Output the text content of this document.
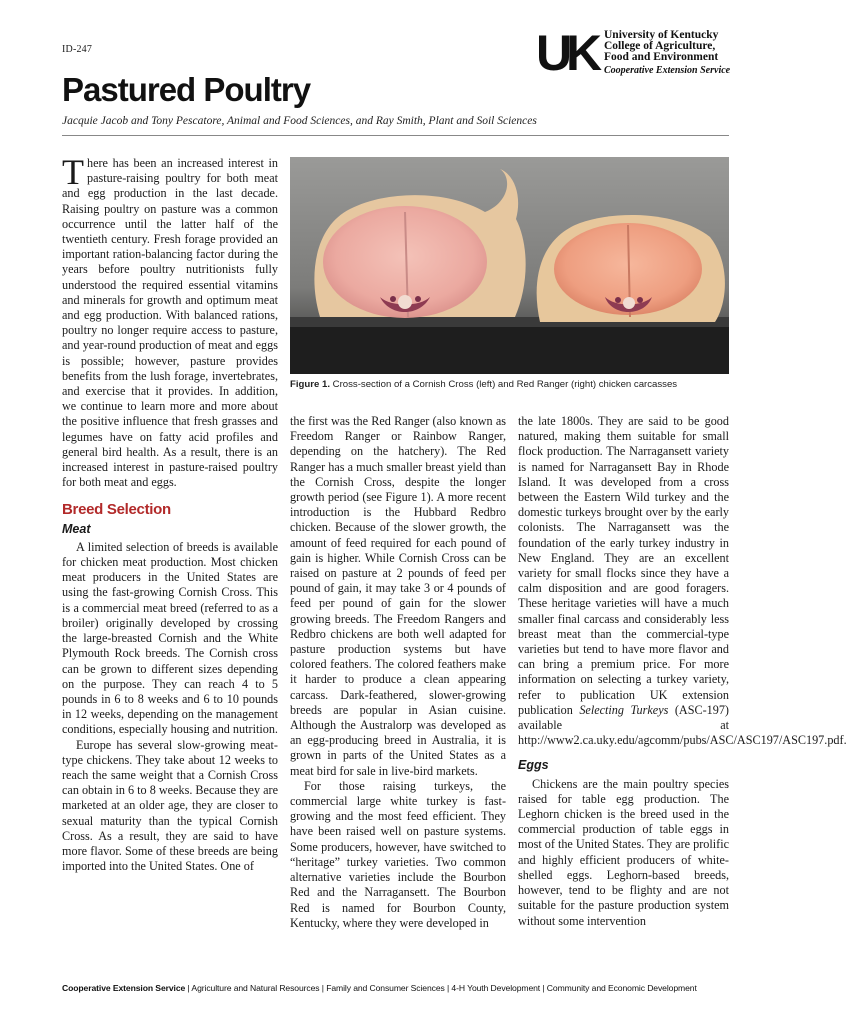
ID-247	U
K University of Kentucky
College of Agriculture,
Food and Environment
Cooperative Extension Service
Pastured Poultry
Jacquie Jacob and Tony Pescatore, Animal and Food Sciences, and Ray Smith, Plant and Soil Sciences

There has been an increased interest in pasture-raising poultry for both meat and egg production in the last decade. Raising poultry on pasture was a common occurrence until the latter half of the twentieth century. Fresh forage provided an important ration-balancing factor during the years before poultry nutritionists fully understood the required essential vitamins and minerals for growth and optimum meat and egg production. With balanced rations, poultry no longer require access to pasture, and year-round production of meat and eggs is possible; however, pasture provides benefits from the lush forage, invertebrates, and exercise that it provides. In addition, we continue to learn more and more about the positive influence that fresh grasses and legumes have on fatty acid profiles and general bird health. As a result, there is an increased interest in pasture-raised poultry for both meat and eggs.

Breed Selection
Meat

A limited selection of breeds is available for chicken meat production. Most chicken meat producers in the United States are using the fast-growing Cornish Cross. This is a commercial meat breed (referred to as a broiler) originally developed by crossing the large-breasted Cornish and the White Plymouth Rock breeds. The Cornish cross can be grown to different sizes depending on the purpose. They can reach 4 to 5 pounds in 6 to 8 weeks and 6 to 10 pounds in 12 weeks, depending on the management conditions, especially housing and nutrition.

Europe has several slow-growing meat-type chickens. They take about 12 weeks to reach the same weight that a Cornish Cross can obtain in 6 to 8 weeks. Because they are marketed at an older age, they are closer to sexual maturity than the typical Cornish Cross. As a result, they are said to have more flavor. Some of these breeds are being imported into the United States. One of

Figure 1. Cross-section of a Cornish Cross (left) and Red Ranger (right) chicken carcasses

the first was the Red Ranger (also known as Freedom Ranger or Rainbow Ranger, depending on the hatchery). The Red Ranger has a much smaller breast yield than the Cornish Cross, despite the longer growth period (see Figure 1). A more recent introduction is the Hubbard Redbro chicken. Because of the slower growth, the amount of feed required for each pound of gain is higher. While Cornish Cross can be raised on pasture at 2 pounds of feed per pound of gain, it may take 3 or 4 pounds of feed per pound of gain for the slower growing breeds. The Freedom Rangers and Redbro chickens are both well adapted for pasture production systems but have colored feathers. The colored feathers make it harder to produce a clean appearing carcass. Dark-feathered, slower-growing breeds are popular in Asian cuisine. Although the Australorp was developed as an egg-producing breed in Australia, it is grown in parts of the United States as a meat bird for sale in live-bird markets.

For those raising turkeys, the commercial large white turkey is fast-growing and the most feed efficient. They have been raised well on pasture systems. Some producers, however, have switched to “heritage” turkey varieties. Two common alternative varieties include the Bourbon Red and the Narragansett. The Bourbon Red is named for Bourbon County, Kentucky, where they were developed in

the late 1800s. They are said to be good natured, making them suitable for small flock production. The Narragansett variety is named for Narragansett Bay in Rhode Island. It was developed from a cross between the Eastern Wild turkey and the domestic turkeys brought over by the early colonists. The Narragansett was the foundation of the early turkey industry in New England. They are an excellent variety for small flocks since they have a calm disposition and are good foragers. These heritage varieties will have a much smaller final carcass and considerably less breast meat than the commercial-type varieties but tend to have more flavor and can bring a premium price. For more information on selecting a turkey variety, refer to publication UK extension publication Selecting Turkeys (ASC-197) available at http://www2.ca.uky.edu/agcomm/pubs/ASC/ASC197/ASC197.pdf.

Eggs

Chickens are the main poultry species raised for table egg production. The Leghorn chicken is the breed used in the commercial production of table eggs in most of the United States. They are prolific and highly efficient producers of white-shelled eggs. Leghorn-based breeds, however, tend to be flighty and are not suitable for the pasture production system without some intervention

Cooperative Extension Service | Agriculture and Natural Resources | Family and Consumer Sciences | 4-H Youth Development | Community and Economic Development
